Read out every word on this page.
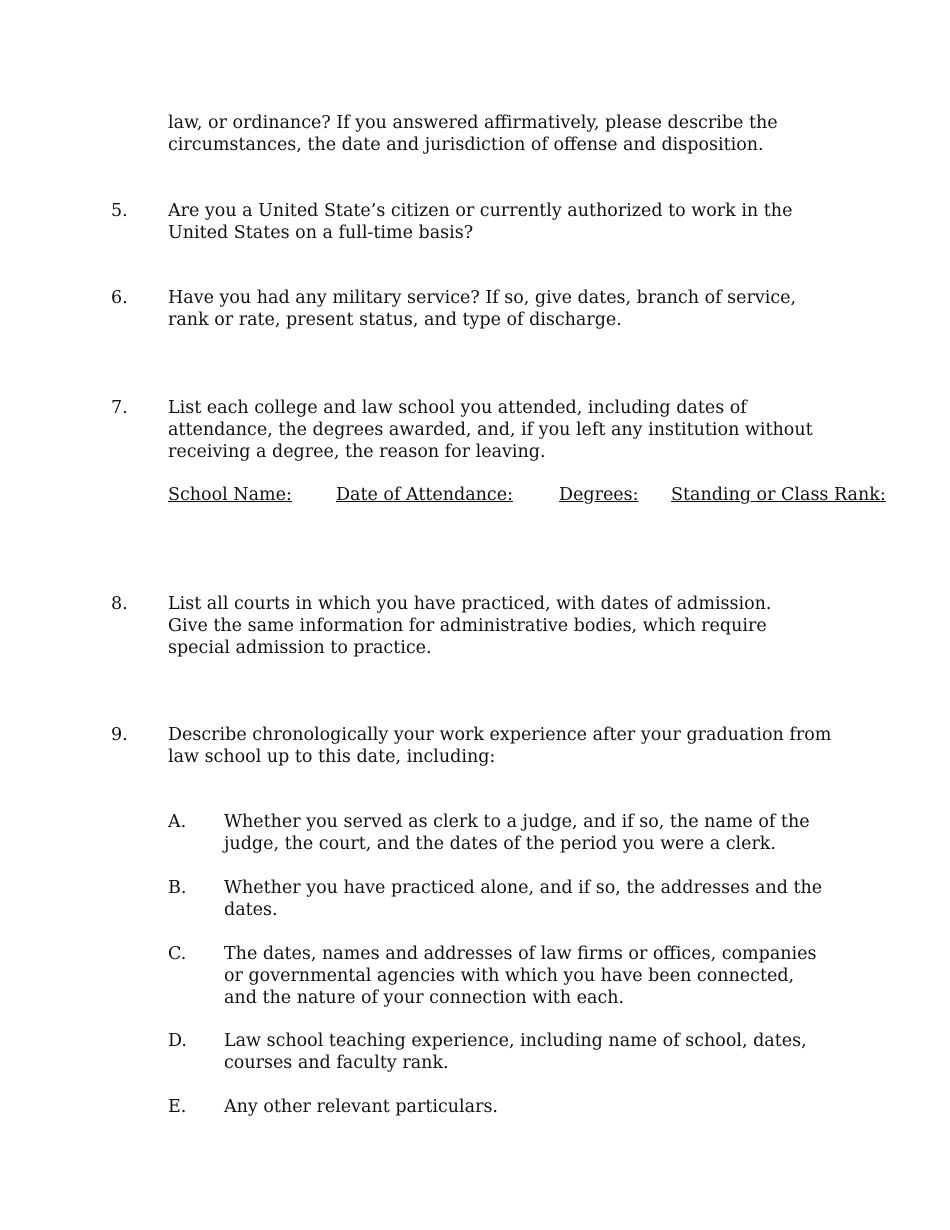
law, or ordinance? If you answered affirmatively, please describe the
circumstances, the date and jurisdiction of offense and disposition.
5. Are you a United State’s citizen or currently authorized to work in the
United States on a full-time basis?
6. Have you had any military service? If so, give dates, branch of service,
rank or rate, present status, and type of discharge.
7. List each college and law school you attended, including dates of
attendance, the degrees awarded, and, if you left any institution without
receiving a degree, the reason for leaving.
School Name:	Date of Attendance:	Degrees: Standing or Class Rank:
8. List all courts in which you have practiced, with dates of admission.
Give the same information for administrative bodies, which require
special admission to practice.
9. Describe chronologically your work experience after your graduation from
law school up to this date, including:
A. Whether you served as clerk to a judge, and if so, the name of the
judge, the court, and the dates of the period you were a clerk.
B. Whether you have practiced alone, and if so, the addresses and the
dates.
C. The dates, names and addresses of law firms or offices, companies
or governmental agencies with which you have been connected,
and the nature of your connection with each.
D. Law school teaching experience, including name of school, dates,
courses and faculty rank.
E. Any other relevant particulars.
